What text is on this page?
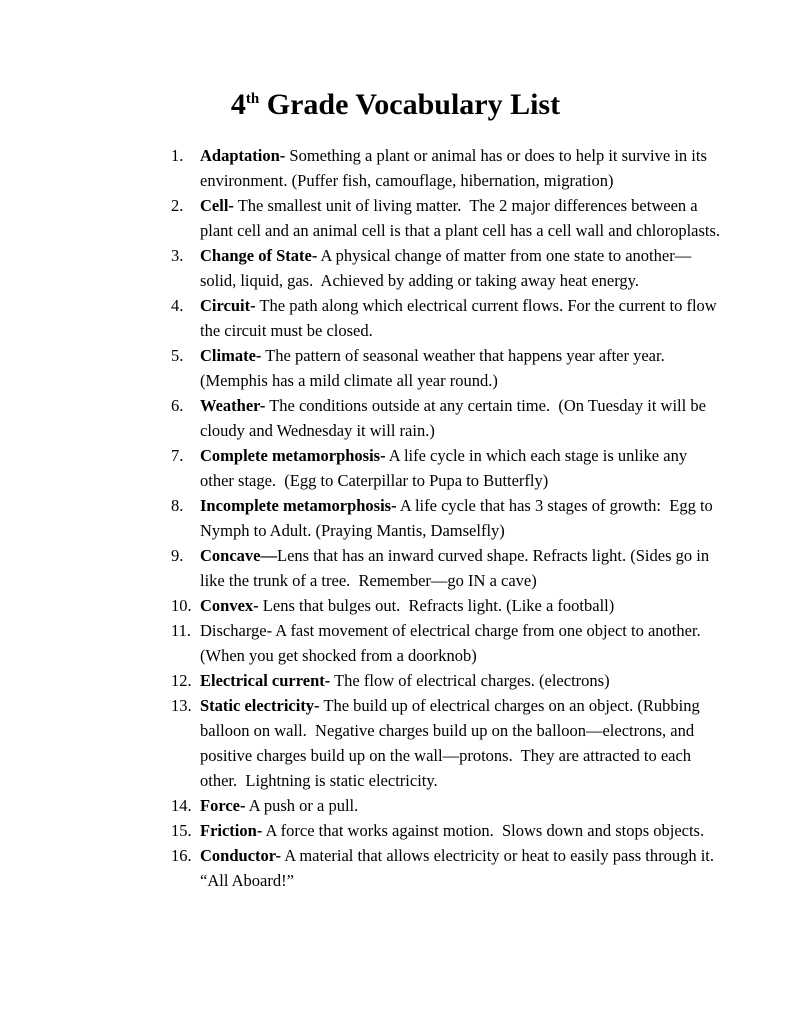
4th Grade Vocabulary List
1. Adaptation- Something a plant or animal has or does to help it survive in its environment. (Puffer fish, camouflage, hibernation, migration)
2. Cell- The smallest unit of living matter.  The 2 major differences between a plant cell and an animal cell is that a plant cell has a cell wall and chloroplasts.
3. Change of State- A physical change of matter from one state to another—solid, liquid, gas.  Achieved by adding or taking away heat energy.
4. Circuit- The path along which electrical current flows. For the current to flow the circuit must be closed.
5. Climate- The pattern of seasonal weather that happens year after year. (Memphis has a mild climate all year round.)
6. Weather- The conditions outside at any certain time.  (On Tuesday it will be cloudy and Wednesday it will rain.)
7. Complete metamorphosis- A life cycle in which each stage is unlike any other stage.  (Egg to Caterpillar to Pupa to Butterfly)
8. Incomplete metamorphosis- A life cycle that has 3 stages of growth:  Egg to Nymph to Adult. (Praying Mantis, Damselfly)
9. Concave—Lens that has an inward curved shape. Refracts light. (Sides go in like the trunk of a tree.  Remember—go IN a cave)
10. Convex- Lens that bulges out.  Refracts light. (Like a football)
11. Discharge- A fast movement of electrical charge from one object to another. (When you get shocked from a doorknob)
12. Electrical current- The flow of electrical charges. (electrons)
13. Static electricity- The build up of electrical charges on an object. (Rubbing balloon on wall.  Negative charges build up on the balloon—electrons, and positive charges build up on the wall—protons.  They are attracted to each other.  Lightning is static electricity.
14. Force- A push or a pull.
15. Friction- A force that works against motion.  Slows down and stops objects.
16. Conductor- A material that allows electricity or heat to easily pass through it.  “All Aboard!”
